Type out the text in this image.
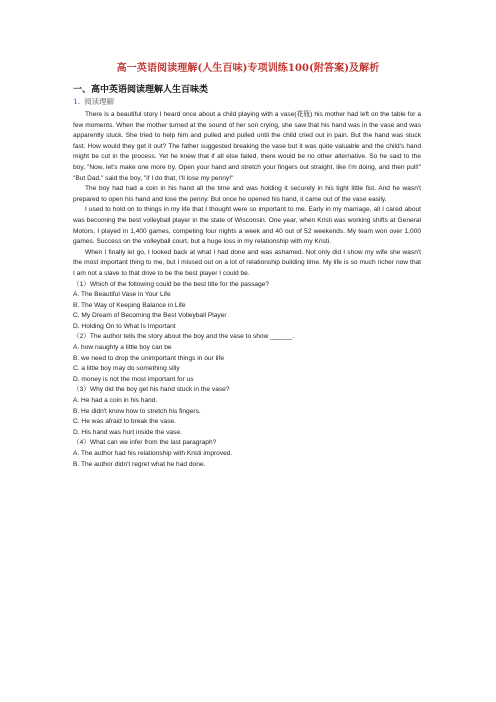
高一英语阅读理解(人生百味)专项训练100(附答案)及解析
一、高中英语阅读理解人生百味类
1. 阅读理解

There is a beautiful story I heard once about a child playing with a vase(花瓶) his mother had left on the table for a few moments. When the mother turned at the sound of her son crying, she saw that his hand was in the vase and was apparently stuck. She tried to help him and pulled and pulled until the child cried out in pain. But the hand was stuck fast. How would they get it out? The father suggested breaking the vase but it was quite valuable and the child's hand might be cut in the process. Yet he knew that if all else failed, there would be no other alternative. So he said to the boy, "Now, let's make one more try. Open your hand and stretch your fingers out straight, like I'm doing, and then pull!" "But Dad," said the boy, "if I do that, I'll lose my penny!"

The boy had had a coin in his hand all the time and was holding it securely in his tight little fist. And he wasn't prepared to open his hand and lose the penny. But once he opened his hand, it came out of the vase easily.

I used to hold on to things in my life that I thought were so important to me. Early in my marriage, all I cared about was becoming the best volleyball player in the state of Wisconsin. One year, when Kristi was working shifts at General Motors, I played in 1,400 games, competing four nights a week and 40 out of 52 weekends. My team won over 1,000 games. Success on the volleyball court, but a huge loss in my relationship with my Kristi.

When I finally let go, I looked back at what I had done and was ashamed. Not only did I show my wife she wasn't the most important thing to me, but I missed out on a lot of relationship building time. My life is so much richer now that I am not a slave to that drive to be the best player I could be.

（1）Which of the following could be the best title for the passage?

A. The Beautiful Vase in Your Life

B. The Way of Keeping Balance in Life

C. My Dream of Becoming the Best Volleyball Player

D. Holding On to What Is Important

（2）The author tells the story about the boy and the vase to show ______.

A. how naughty a little boy can be

B. we need to drop the unimportant things in our life

C. a little boy may do something silly

D. money is not the most important for us

（3）Why did the boy get his hand stuck in the vase?

A. He had a coin in his hand.

B. He didn't know how to stretch his fingers.

C. He was afraid to break the vase.

D. His hand was hurt inside the vase.

（4）What can we infer from the last paragraph?

A. The author had his relationship with Kristi improved.

B. The author didn't regret what he had done.
